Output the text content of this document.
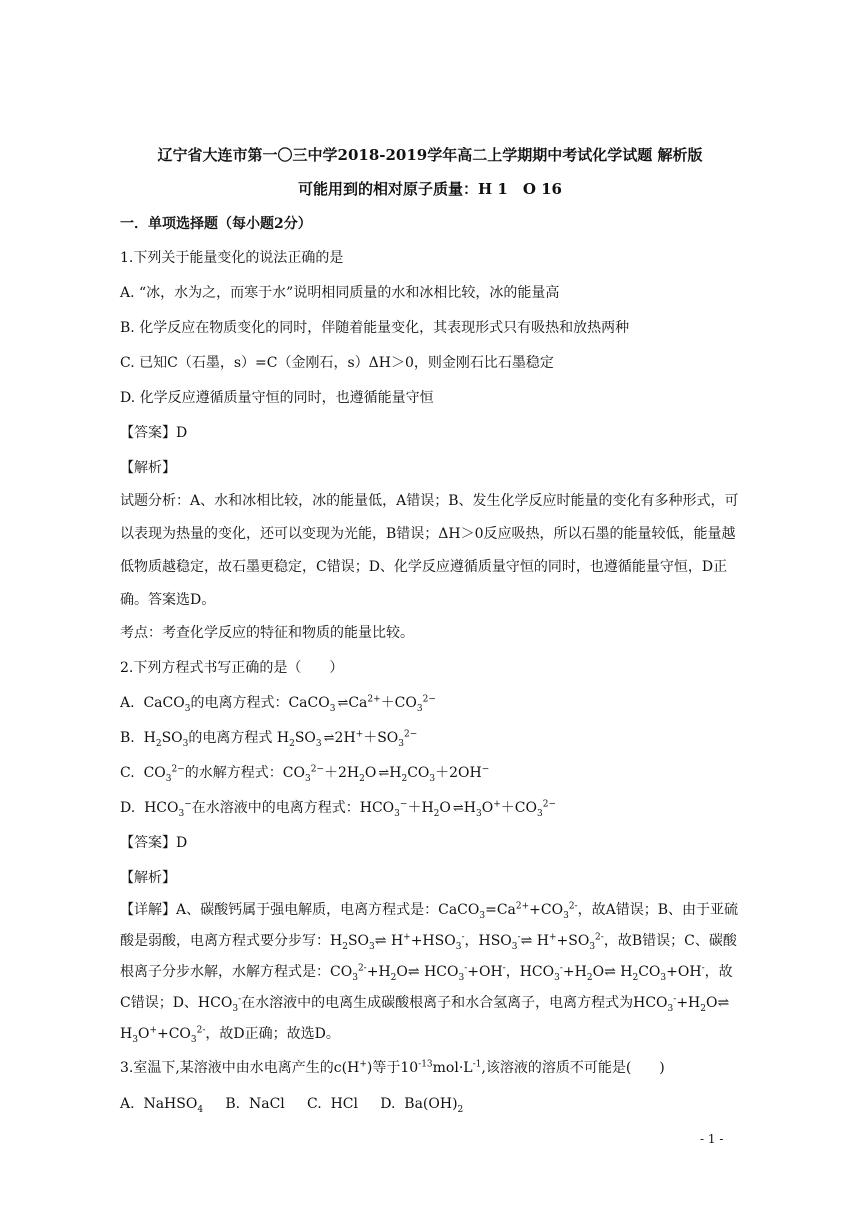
辽宁省大连市第一〇三中学2018-2019学年高二上学期期中考试化学试题 解析版
可能用到的相对原子质量：H 1　O 16
一．单项选择题（每小题2分）
1.下列关于能量变化的说法正确的是
A. “冰，水为之，而寒于水”说明相同质量的水和冰相比较，冰的能量高
B. 化学反应在物质变化的同时，伴随着能量变化，其表现形式只有吸热和放热两种
C. 已知C（石墨，s）=C（金刚石，s）ΔH＞0，则金刚石比石墨稳定
D. 化学反应遵循质量守恒的同时，也遵循能量守恒
【答案】D
【解析】
试题分析：A、水和冰相比较，冰的能量低，A错误；B、发生化学反应时能量的变化有多种形式，可以表现为热量的变化，还可以变现为光能，B错误；ΔH＞0反应吸热，所以石墨的能量较低，能量越低物质越稳定，故石墨更稳定，C错误；D、化学反应遵循质量守恒的同时，也遵循能量守恒，D正确。答案选D。
考点：考查化学反应的特征和物质的能量比较。
2.下列方程式书写正确的是（　　）
A.  CaCO$_3$的电离方程式：CaCO$_3$ ⇌ $Ca^{2+}+CO_3^{2-}$
B.  $H_2SO_3$的电离方程式 $H_2SO_3$ ⇌ $2H^++SO_3^{2-}$
C.  $CO_3^{2-}$的水解方程式：$CO_3^{2-}+2H_2O$ ⇌ $H_2CO_3+2OH^-$
D.  $HCO_3^-$在水溶液中的电离方程式：$HCO_3^-+H_2O$ ⇌ $H_3O^++CO_3^{2-}$
【答案】D
【解析】
【详解】A、碳酸钙属于强电解质，电离方程式是：$CaCO_3=Ca^{2+}+CO_3^{2-}$，故A错误；B、由于亚硫酸是弱酸，电离方程式要分步写：$H_2SO_3\rightleftharpoons$ $H^++HSO_3^-$，$HSO_3^-\rightleftharpoons$ $H^++SO_3^{2-}$，故B错误；C、碳酸根离子分步水解，水解方程式是：$CO_3^{2-}+H_2O\rightleftharpoons$ $HCO_3^-+OH^-$，$HCO_3^-+H_2O\rightleftharpoons$ $H_2CO_3+OH^-$，故C错误；D、$HCO_3^-$在水溶液中的电离生成碳酸根离子和水合氢离子，电离方程式为$HCO_3^-+H_2O\rightleftharpoons$ $H_3O^++CO_3^{2-}$，故D正确；故选D。
3.室温下,某溶液中由水电离产生的c(H+)等于$10^{-13}mol\cdot L^{-1}$,该溶液的溶质不可能是(　　)
A.  NaHSO$_4$     B.  NaCl     C.  HCl     D.  $Ba(OH)_2$
- 1 -
